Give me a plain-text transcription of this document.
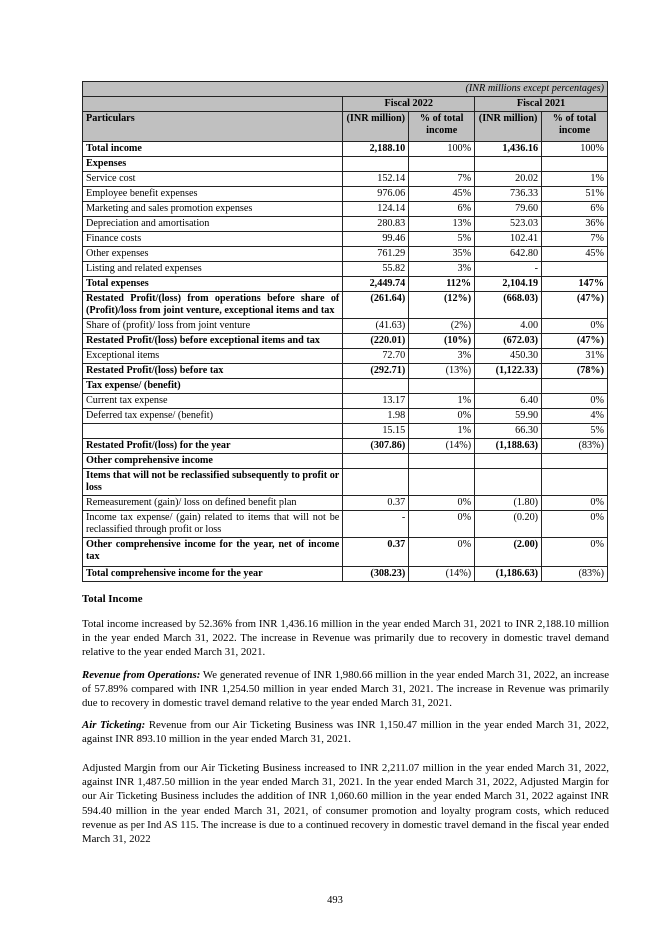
(INR millions except percentages)				
	Fiscal 2022		Fiscal 2021	
Particulars	(INR million)	% of total income	(INR million)	% of total income
Total income	2,188.10	100%	1,436.16	100%
Expenses				
Service cost	152.14	7%	20.02	1%
Employee benefit expenses	976.06	45%	736.33	51%
Marketing and sales promotion expenses	124.14	6%	79.60	6%
Depreciation and amortisation	280.83	13%	523.03	36%
Finance costs	99.46	5%	102.41	7%
Other expenses	761.29	35%	642.80	45%
Listing and related expenses	55.82	3%	-	
Total expenses	2,449.74	112%	2,104.19	147%
Restated Profit/(loss) from operations before share of (Profit)/loss from joint venture, exceptional items and tax	(261.64)	(12%)	(668.03)	(47%)
Share of (profit)/ loss from joint venture	(41.63)	(2%)	4.00	0%
Restated Profit/(loss) before exceptional items and tax	(220.01)	(10%)	(672.03)	(47%)
Exceptional items	72.70	3%	450.30	31%
Restated Profit/(loss) before tax	(292.71)	(13%)	(1,122.33)	(78%)
Tax expense/ (benefit)				
Current tax expense	13.17	1%	6.40	0%
Deferred tax expense/ (benefit)	1.98	0%	59.90	4%
	15.15	1%	66.30	5%
Restated Profit/(loss) for the year	(307.86)	(14%)	(1,188.63)	(83%)
Other comprehensive income				
Items that will not be reclassified subsequently to profit or loss				
Remeasurement (gain)/ loss on defined benefit plan	0.37	0%	(1.80)	0%
Income tax expense/ (gain) related to items that will not be reclassified through profit or loss	-	0%	(0.20)	0%
Other comprehensive income for the year, net of income tax	0.37	0%	(2.00)	0%
Total comprehensive income for the year	(308.23)	(14%)	(1,186.63)	(83%)
Total Income
Total income increased by 52.36% from INR 1,436.16 million in the year ended March 31, 2021 to INR 2,188.10 million in the year ended March 31, 2022. The increase in Revenue was primarily due to recovery in domestic travel demand relative to the year ended March 31, 2021.
Revenue from Operations: We generated revenue of INR 1,980.66 million in the year ended March 31, 2022, an increase of 57.89% compared with INR 1,254.50 million in year ended March 31, 2021. The increase in Revenue was primarily due to recovery in domestic travel demand relative to the year ended March 31, 2021.
Air Ticketing: Revenue from our Air Ticketing Business was INR 1,150.47 million in the year ended March 31, 2022, against INR 893.10 million in the year ended March 31, 2021.
Adjusted Margin from our Air Ticketing Business increased to INR 2,211.07 million in the year ended March 31, 2022, against INR 1,487.50 million in the year ended March 31, 2021. In the year ended March 31, 2022, Adjusted Margin for our Air Ticketing Business includes the addition of INR 1,060.60 million in the year ended March 31, 2022 against INR 594.40 million in the year ended March 31, 2021, of consumer promotion and loyalty program costs, which reduced revenue as per Ind AS 115. The increase is due to a continued recovery in domestic travel demand in the fiscal year ended March 31, 2022
493
